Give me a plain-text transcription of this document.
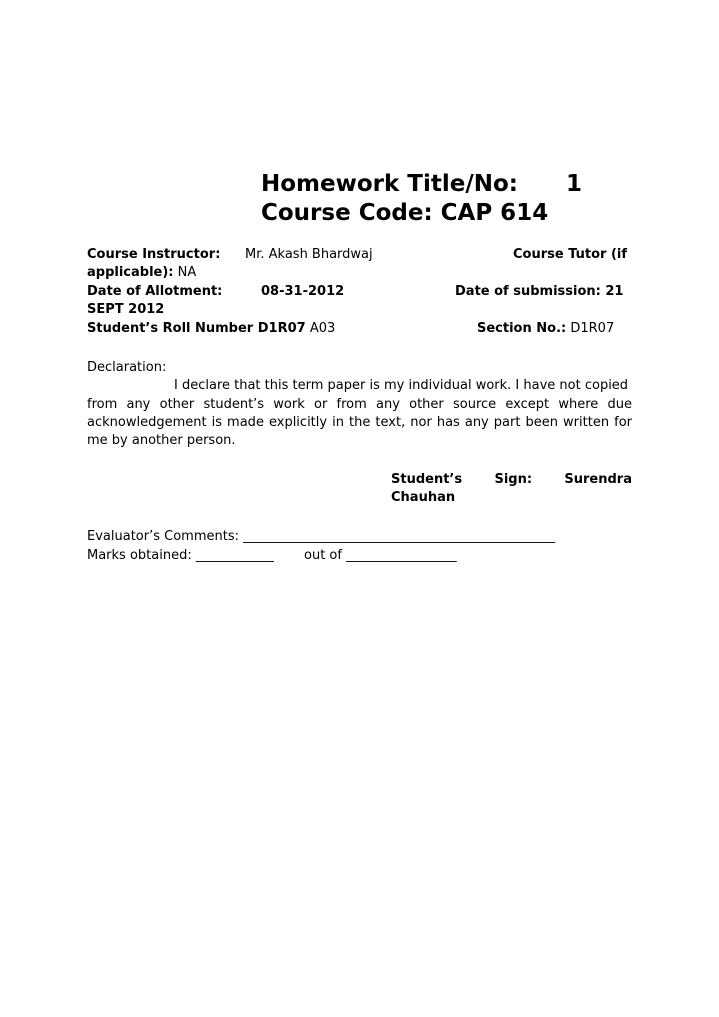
Homework Title/No: 1
Course Code: CAP 614
Course Instructor: Mr. Akash Bhardwaj	Course Tutor (if
applicable): NA
Date of Allotment:	08-31-2012	Date of submission: 21
SEPT 2012
Student’s Roll Number D1R07 A03	Section No.: D1R07
Declaration:
I declare that this term paper is my individual work. I have not copied
from any other student’s work or from any other source except where due
acknowledgement is made explicitly in the text, nor has any part been written for
me by another person.
Student’s Sign: Surendra
Chauhan
Evaluator’s Comments: ________________________________________________
Marks obtained: ____________ out of _________________
